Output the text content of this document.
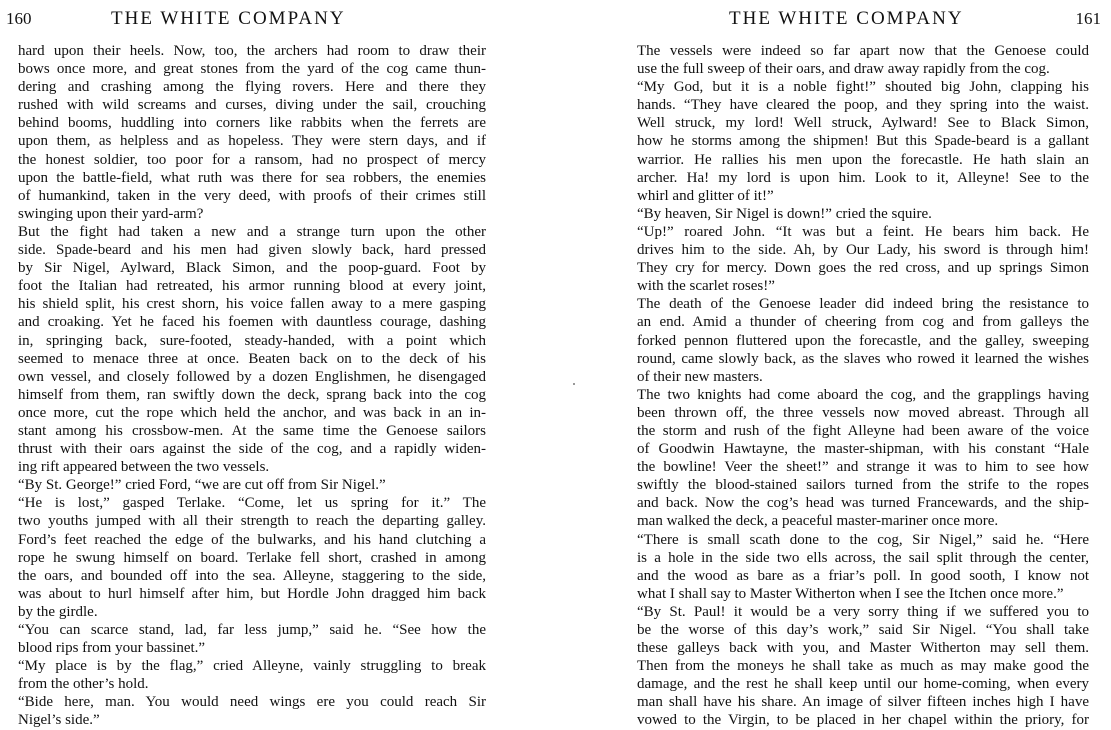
160	THE WHITE COMPANY
hard upon their heels. Now, too, the archers had room to draw their
bows once more, and great stones from the yard of the cog came thun-
dering and crashing among the flying rovers. Here and there they
rushed with wild screams and curses, diving under the sail, crouching
behind booms, huddling into corners like rabbits when the ferrets are
upon them, as helpless and as hopeless. They were stern days, and if
the honest soldier, too poor for a ransom, had no prospect of mercy
upon the battle-field, what ruth was there for sea robbers, the enemies
of humankind, taken in the very deed, with proofs of their crimes still
swinging upon their yard-arm?
But the fight had taken a new and a strange turn upon the other
side. Spade-beard and his men had given slowly back, hard pressed
by Sir Nigel, Aylward, Black Simon, and the poop-guard. Foot by
foot the Italian had retreated, his armor running blood at every joint,
his shield split, his crest shorn, his voice fallen away to a mere gasping
and croaking. Yet he faced his foemen with dauntless courage, dashing
in, springing back, sure-footed, steady-handed, with a point which
seemed to menace three at once. Beaten back on to the deck of his
own vessel, and closely followed by a dozen Englishmen, he disengaged
himself from them, ran swiftly down the deck, sprang back into the cog
once more, cut the rope which held the anchor, and was back in an in-
stant among his crossbow-men. At the same time the Genoese sailors
thrust with their oars against the side of the cog, and a rapidly widen-
ing rift appeared between the two vessels.
“By St. George!” cried Ford, “we are cut off from Sir Nigel.”
“He is lost,” gasped Terlake. “Come, let us spring for it.” The
two youths jumped with all their strength to reach the departing galley.
Ford’s feet reached the edge of the bulwarks, and his hand clutching a
rope he swung himself on board. Terlake fell short, crashed in among
the oars, and bounded off into the sea. Alleyne, staggering to the side,
was about to hurl himself after him, but Hordle John dragged him back
by the girdle.
“You can scarce stand, lad, far less jump,” said he. “See how the
blood rips from your bassinet.”
“My place is by the flag,” cried Alleyne, vainly struggling to break
from the other’s hold.
“Bide here, man. You would need wings ere you could reach Sir
Nigel’s side.”
THE WHITE COMPANY	161
The vessels were indeed so far apart now that the Genoese could
use the full sweep of their oars, and draw away rapidly from the cog.
“My God, but it is a noble fight!” shouted big John, clapping his
hands. “They have cleared the poop, and they spring into the waist.
Well struck, my lord! Well struck, Aylward! See to Black Simon,
how he storms among the shipmen! But this Spade-beard is a gallant
warrior. He rallies his men upon the forecastle. He hath slain an
archer. Ha! my lord is upon him. Look to it, Alleyne! See to the
whirl and glitter of it!”
“By heaven, Sir Nigel is down!” cried the squire.
“Up!” roared John. “It was but a feint. He bears him back. He
drives him to the side. Ah, by Our Lady, his sword is through him!
They cry for mercy. Down goes the red cross, and up springs Simon
with the scarlet roses!”
The death of the Genoese leader did indeed bring the resistance to
an end. Amid a thunder of cheering from cog and from galleys the
forked pennon fluttered upon the forecastle, and the galley, sweeping
round, came slowly back, as the slaves who rowed it learned the wishes
of their new masters.
The two knights had come aboard the cog, and the grapplings having
been thrown off, the three vessels now moved abreast. Through all
the storm and rush of the fight Alleyne had been aware of the voice
of Goodwin Hawtayne, the master-shipman, with his constant “Hale
the bowline! Veer the sheet!” and strange it was to him to see how
swiftly the blood-stained sailors turned from the strife to the ropes
and back. Now the cog’s head was turned Francewards, and the ship-
man walked the deck, a peaceful master-mariner once more.
“There is small scath done to the cog, Sir Nigel,” said he. “Here
is a hole in the side two ells across, the sail split through the center,
and the wood as bare as a friar’s poll. In good sooth, I know not
what I shall say to Master Witherton when I see the Itchen once more.”
“By St. Paul! it would be a very sorry thing if we suffered you to
be the worse of this day’s work,” said Sir Nigel. “You shall take
these galleys back with you, and Master Witherton may sell them.
Then from the moneys he shall take as much as may make good the
damage, and the rest he shall keep until our home-coming, when every
man shall have his share. An image of silver fifteen inches high I have
vowed to the Virgin, to be placed in her chapel within the priory, for
